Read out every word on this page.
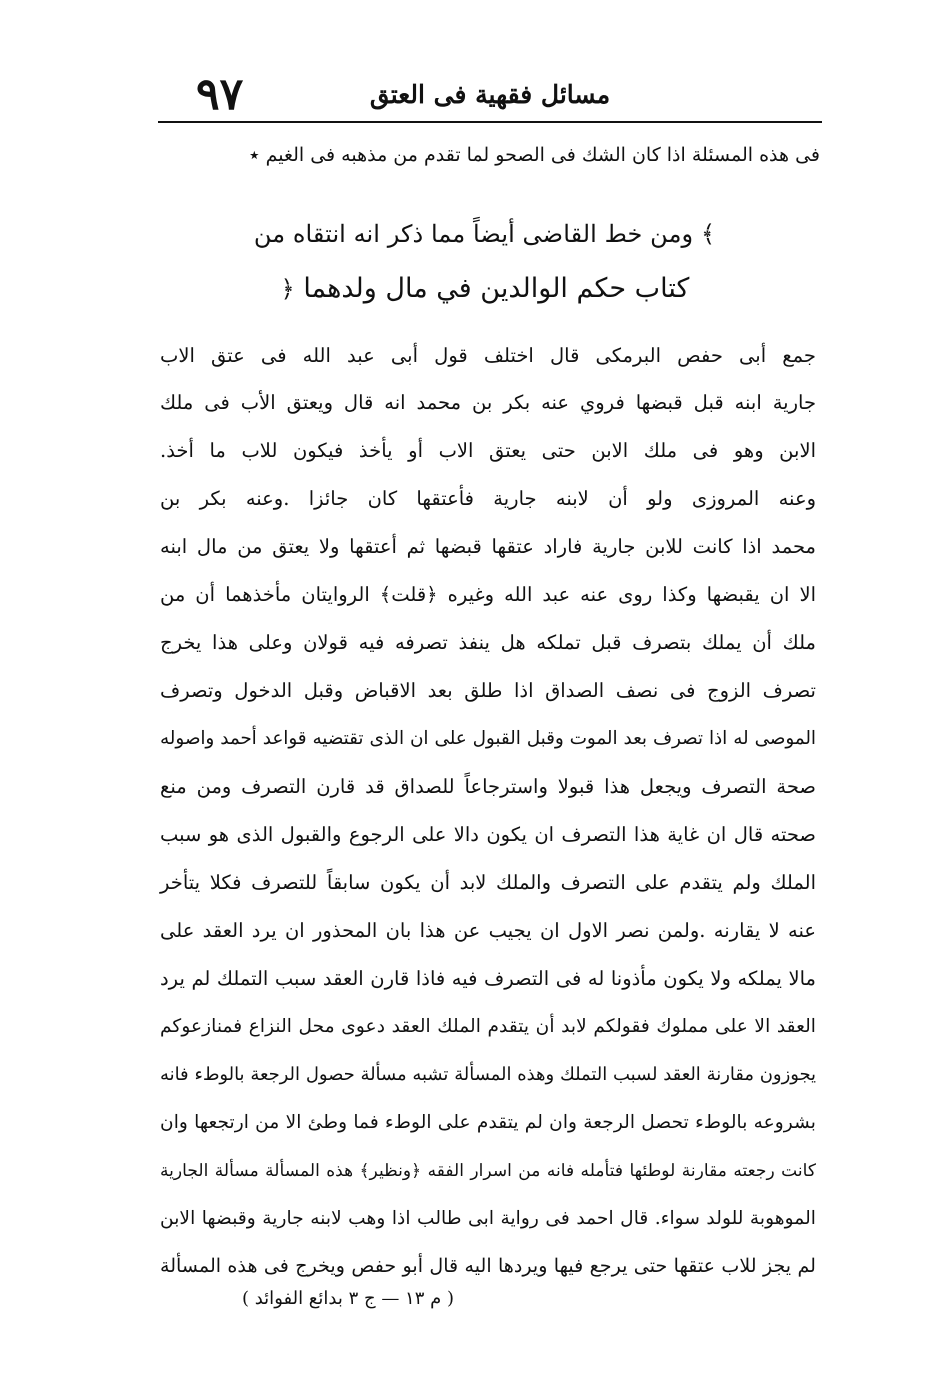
٩٧	مسائل فقهية فى العتق
فى هذه المسئلة اذا كان الشك فى الصحو لما تقدم من مذهبه فى الغيم ٭
﴾ ومن خط القاضى أيضاً مما ذكر انه انتقاه من
كتاب حكم الوالدين في مال ولدهما ﴿
جمع أبى حفص البرمكى قال اختلف قول أبى عبد الله فى عتق الاب
جارية ابنه قبل قبضها فروي عنه بكر بن محمد انه قال ويعتق الأب فى ملك
الابن وهو فى ملك الابن حتى يعتق الاب أو يأخذ فيكون للاب ما أخذ.
وعنه المروزى ولو أن لابنه جارية فأعتقها كان جائزا .وعنه بكر بن
محمد اذا كانت للابن جارية فاراد عتقها قبضها ثم أعتقها ولا يعتق من مال ابنه
الا ان يقبضها وكذا روى عنه عبد الله وغيره ﴿قلت﴾ الروايتان مأخذهما أن من
ملك أن يملك بتصرف قبل تملكه هل ينفذ تصرفه فيه قولان وعلى هذا يخرج
تصرف الزوج فى نصف الصداق اذا طلق بعد الاقباض وقبل الدخول وتصرف
الموصى له اذا تصرف بعد الموت وقبل القبول على ان الذى تقتضيه قواعد أحمد واصوله
صحة التصرف ويجعل هذا قبولا واسترجاعاً للصداق قد قارن التصرف ومن منع
صحته قال ان غاية هذا التصرف ان يكون دالا على الرجوع والقبول الذى هو سبب
الملك ولم يتقدم على التصرف والملك لابد أن يكون سابقاً للتصرف فكلا يتأخر
عنه لا يقارنه .ولمن نصر الاول ان يجيب عن هذا بان المحذور ان يرد العقد على
مالا يملكه ولا يكون مأذونا له فى التصرف فيه فاذا قارن العقد سبب التملك لم يرد
العقد الا على مملوك فقولكم لابد أن يتقدم الملك العقد دعوى محل النزاع فمنازعوكم
يجوزون مقارنة العقد لسبب التملك وهذه المسألة تشبه مسألة حصول الرجعة بالوطء فانه
بشروعه بالوطء تحصل الرجعة وان لم يتقدم على الوطء فما وطئ الا من ارتجعها وان
كانت رجعته مقارنة لوطئها فتأمله فانه من اسرار الفقه ﴿ونظير﴾ هذه المسألة مسألة الجارية
الموهوبة للولد سواء. قال احمد فى رواية ابى طالب اذا وهب لابنه جارية وقبضها الابن
لم يجز للاب عتقها حتى يرجع فيها ويردها اليه قال أبو حفص ويخرج فى هذه المسألة
( م ١٣ — ج ٣ بدائع الفوائد )
